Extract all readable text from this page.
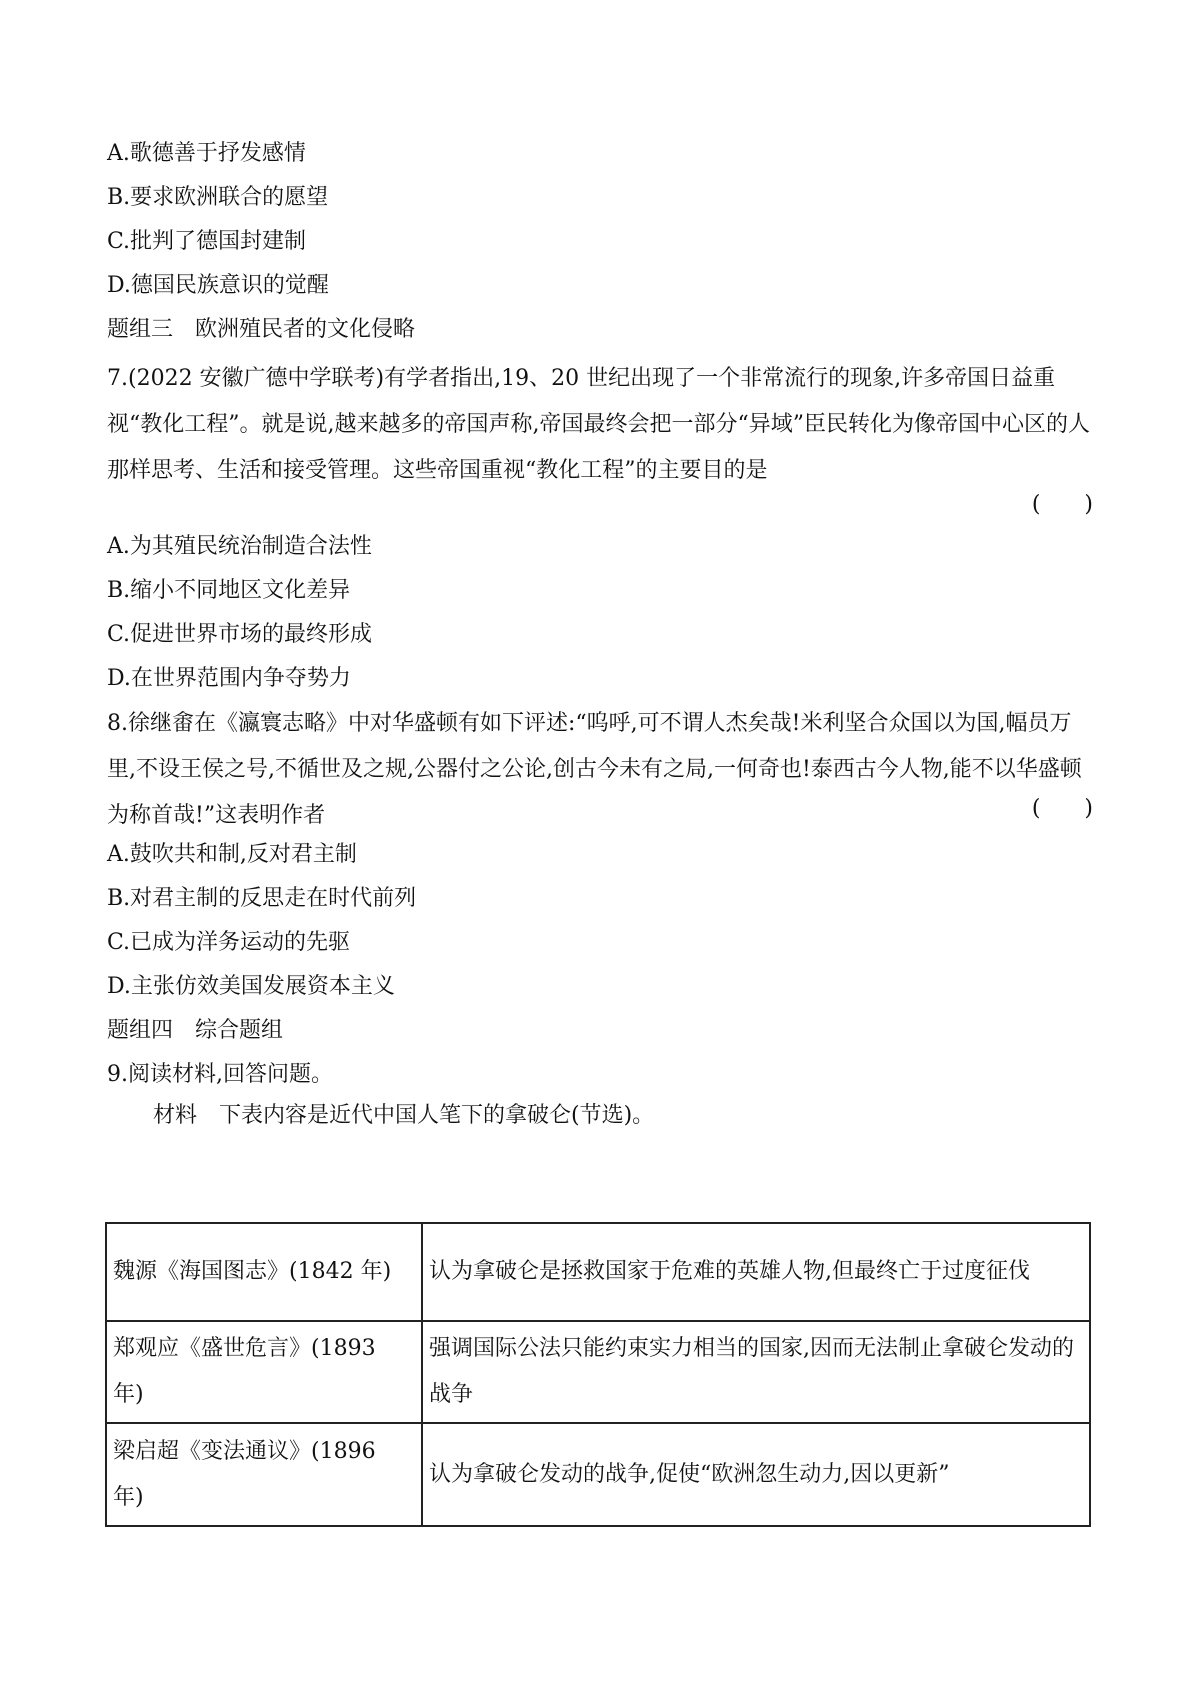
A.歌德善于抒发感情
B.要求欧洲联合的愿望
C.批判了德国封建制
D.德国民族意识的觉醒
题组三　欧洲殖民者的文化侵略
7.(2022 安徽广德中学联考)有学者指出,19、20 世纪出现了一个非常流行的现象,许多帝国日益重视“教化工程”。就是说,越来越多的帝国声称,帝国最终会把一部分“异域”臣民转化为像帝国中心区的人那样思考、生活和接受管理。这些帝国重视“教化工程”的主要目的是
(　　)
A.为其殖民统治制造合法性
B.缩小不同地区文化差异
C.促进世界市场的最终形成
D.在世界范围内争夺势力
8.徐继畬在《瀛寰志略》中对华盛顿有如下评述:“呜呼,可不谓人杰矣哉!米利坚合众国以为国,幅员万里,不设王侯之号,不循世及之规,公器付之公论,创古今未有之局,一何奇也!泰西古今人物,能不以华盛顿为称首哉!”这表明作者	(　　)
A.鼓吹共和制,反对君主制
B.对君主制的反思走在时代前列
C.已成为洋务运动的先驱
D.主张仿效美国发展资本主义
题组四　综合题组
9.阅读材料,回答问题。
材料　下表内容是近代中国人笔下的拿破仑(节选)。
魏源《海国图志》(1842 年)	认为拿破仑是拯救国家于危难的英雄人物,但最终亡于过度征伐
郑观应《盛世危言》(1893 年)	强调国际公法只能约束实力相当的国家,因而无法制止拿破仑发动的战争
梁启超《变法通议》(1896 年)	认为拿破仑发动的战争,促使“欧洲忽生动力,因以更新”
